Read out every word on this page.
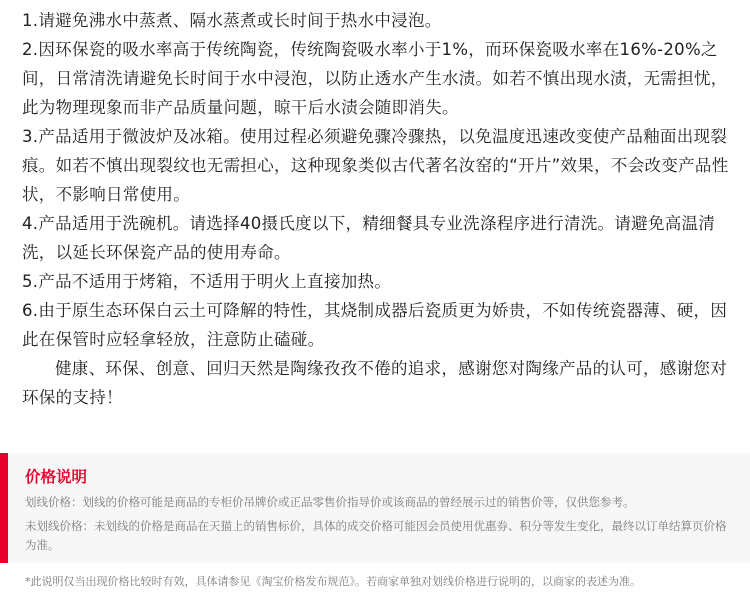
1.请避免沸水中蒸煮、隔水蒸煮或长时间于热水中浸泡。

2.因环保瓷的吸水率高于传统陶瓷，传统陶瓷吸水率小于1%，而环保瓷吸水率在16%-20%之间，日常清洗请避免长时间于水中浸泡，以防止透水产生水渍。如若不慎出现水渍，无需担忧，此为物理现象而非产品质量问题，晾干后水渍会随即消失。

3.产品适用于微波炉及冰箱。使用过程必须避免骤冷骤热，以免温度迅速改变使产品釉面出现裂痕。如若不慎出现裂纹也无需担心，这种现象类似古代著名汝窑的“开片”效果，不会改变产品性状，不影响日常使用。

4.产品适用于洗碗机。请选择40摄氏度以下，精细餐具专业洗涤程序进行清洗。请避免高温清洗，以延长环保瓷产品的使用寿命。

5.产品不适用于烤箱，不适用于明火上直接加热。

6.由于原生态环保白云土可降解的特性，其烧制成器后瓷质更为娇贵，不如传统瓷器薄、硬，因此在保管时应轻拿轻放，注意防止磕碰。

健康、环保、创意、回归天然是陶缘孜孜不倦的追求，感谢您对陶缘产品的认可，感谢您对环保的支持！

价格说明
划线价格：划线的价格可能是商品的专柜价吊牌价或正品零售价指导价或该商品的曾经展示过的销售价等，仅供您参考。
未划线价格：未划线的价格是商品在天猫上的销售标价，具体的成交价格可能因会员使用优惠券、积分等发生变化，最终以订单结算页价格为准。
*此说明仅当出现价格比较时有效，具体请参见《淘宝价格发布规范》。若商家单独对划线价格进行说明的，以商家的表述为准。
